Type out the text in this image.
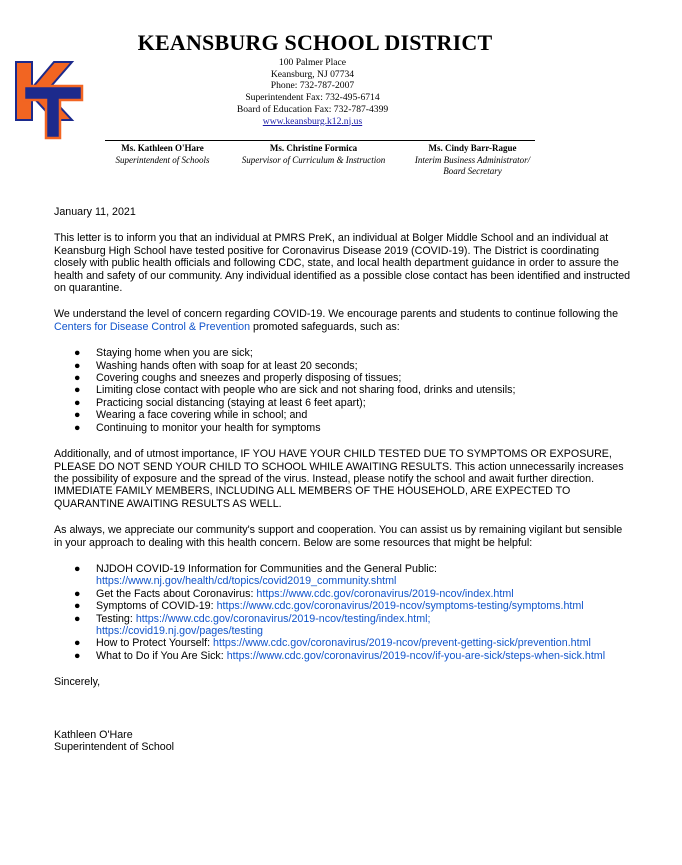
KEANSBURG SCHOOL DISTRICT
100 Palmer Place
Keansburg, NJ 07734
Phone: 732-787-2007
Superintendent Fax: 732-495-6714
Board of Education Fax: 732-787-4399
www.keansburg.k12.nj.us
Ms. Kathleen O'Hare
Superintendent of Schools
Ms. Christine Formica
Supervisor of Curriculum & Instruction
Ms. Cindy Barr-Rague
Interim Business Administrator/
Board Secretary

January 11, 2021

This letter is to inform you that an individual at PMRS PreK, an individual at Bolger Middle School and an individual at Keansburg High School have tested positive for Coronavirus Disease 2019 (COVID-19). The District is coordinating closely with public health officials and following CDC, state, and local health department guidance in order to assure the health and safety of our community. Any individual identified as a possible close contact has been identified and instructed on quarantine.

We understand the level of concern regarding COVID-19. We encourage parents and students to continue following the Centers for Disease Control & Prevention promoted safeguards, such as:

● Staying home when you are sick;
● Washing hands often with soap for at least 20 seconds;
● Covering coughs and sneezes and properly disposing of tissues;
● Limiting close contact with people who are sick and not sharing food, drinks and utensils;
● Practicing social distancing (staying at least 6 feet apart);
● Wearing a face covering while in school; and
● Continuing to monitor your health for symptoms

Additionally, and of utmost importance, IF YOU HAVE YOUR CHILD TESTED DUE TO SYMPTOMS OR EXPOSURE, PLEASE DO NOT SEND YOUR CHILD TO SCHOOL WHILE AWAITING RESULTS. This action unnecessarily increases the possibility of exposure and the spread of the virus. Instead, please notify the school and await further direction. IMMEDIATE FAMILY MEMBERS, INCLUDING ALL MEMBERS OF THE HOUSEHOLD, ARE EXPECTED TO QUARANTINE AWAITING RESULTS AS WELL.

As always, we appreciate our community's support and cooperation. You can assist us by remaining vigilant but sensible in your approach to dealing with this health concern. Below are some resources that might be helpful:

● NJDOH COVID-19 Information for Communities and the General Public:
https://www.nj.gov/health/cd/topics/covid2019_community.shtml
● Get the Facts about Coronavirus: https://www.cdc.gov/coronavirus/2019-ncov/index.html
● Symptoms of COVID-19: https://www.cdc.gov/coronavirus/2019-ncov/symptoms-testing/symptoms.html
● Testing: https://www.cdc.gov/coronavirus/2019-ncov/testing/index.html;
https://covid19.nj.gov/pages/testing
● How to Protect Yourself: https://www.cdc.gov/coronavirus/2019-ncov/prevent-getting-sick/prevention.html
● What to Do if You Are Sick: https://www.cdc.gov/coronavirus/2019-ncov/if-you-are-sick/steps-when-sick.html

Sincerely,

Kathleen O'Hare

Superintendent of School
